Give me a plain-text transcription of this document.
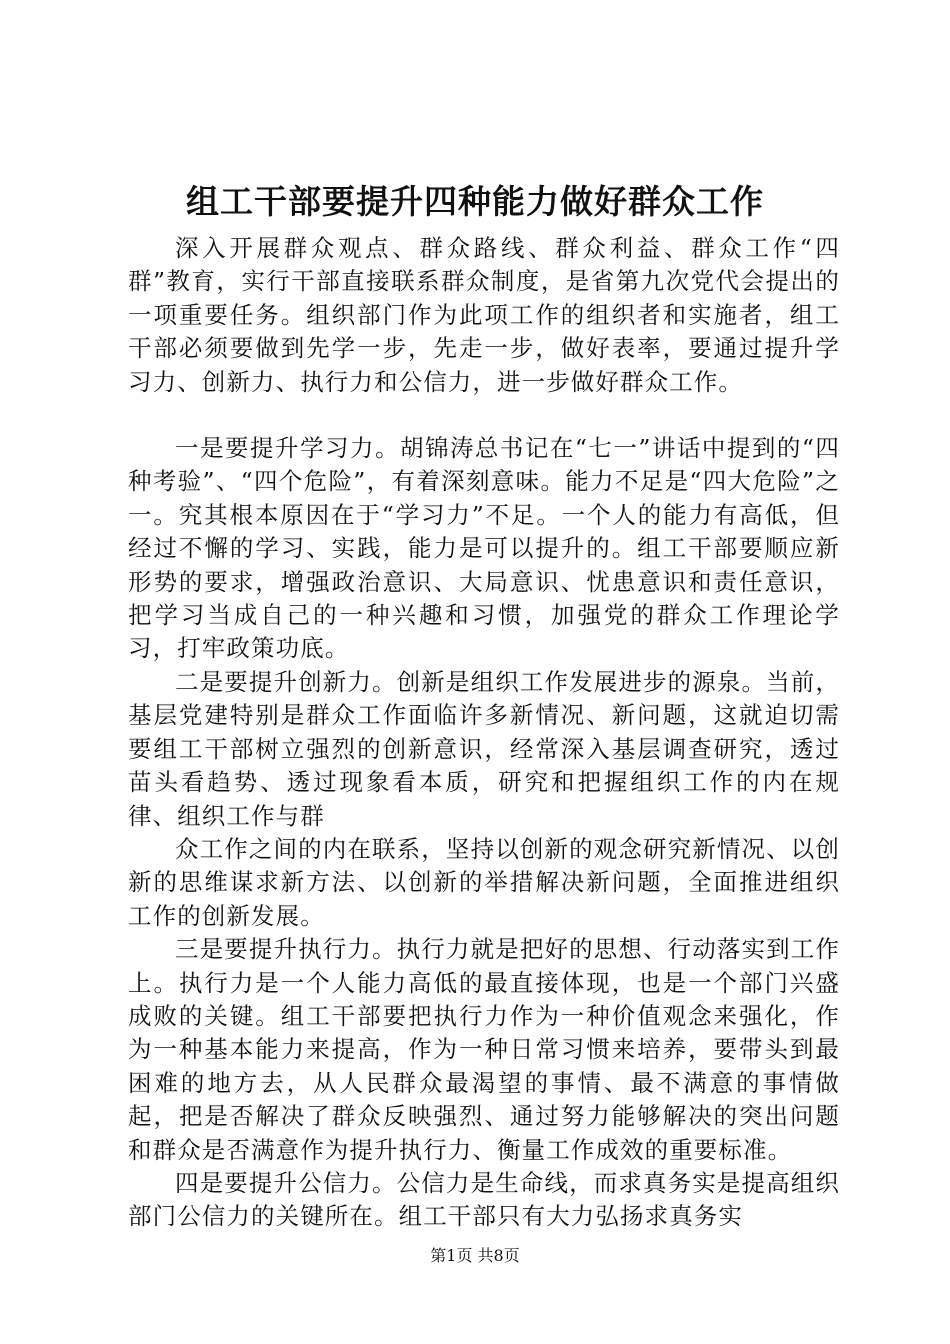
组工干部要提升四种能力做好群众工作

深入开展群众观点、群众路线、群众利益、群众工作“四群”教育，实行干部直接联系群众制度，是省第九次党代会提出的一项重要任务。组织部门作为此项工作的组织者和实施者，组工干部必须要做到先学一步，先走一步，做好表率，要通过提升学习力、创新力、执行力和公信力，进一步做好群众工作。

一是要提升学习力。胡锦涛总书记在“七一”讲话中提到的“四种考验”、“四个危险”，有着深刻意味。能力不足是“四大危险”之一。究其根本原因在于“学习力”不足。一个人的能力有高低，但经过不懈的学习、实践，能力是可以提升的。组工干部要顺应新形势的要求，增强政治意识、大局意识、忧患意识和责任意识，把学习当成自己的一种兴趣和习惯，加强党的群众工作理论学习，打牢政策功底。

二是要提升创新力。创新是组织工作发展进步的源泉。当前，基层党建特别是群众工作面临许多新情况、新问题，这就迫切需要组工干部树立强烈的创新意识，经常深入基层调查研究，透过苗头看趋势、透过现象看本质，研究和把握组织工作的内在规律、组织工作与群

众工作之间的内在联系，坚持以创新的观念研究新情况、以创新的思维谋求新方法、以创新的举措解决新问题，全面推进组织工作的创新发展。

三是要提升执行力。执行力就是把好的思想、行动落实到工作上。执行力是一个人能力高低的最直接体现，也是一个部门兴盛成败的关键。组工干部要把执行力作为一种价值观念来强化，作为一种基本能力来提高，作为一种日常习惯来培养，要带头到最困难的地方去，从人民群众最渴望的事情、最不满意的事情做起，把是否解决了群众反映强烈、通过努力能够解决的突出问题和群众是否满意作为提升执行力、衡量工作成效的重要标准。

四是要提升公信力。公信力是生命线，而求真务实是提高组织部门公信力的关键所在。组工干部只有大力弘扬求真务实

第1页 共8页
